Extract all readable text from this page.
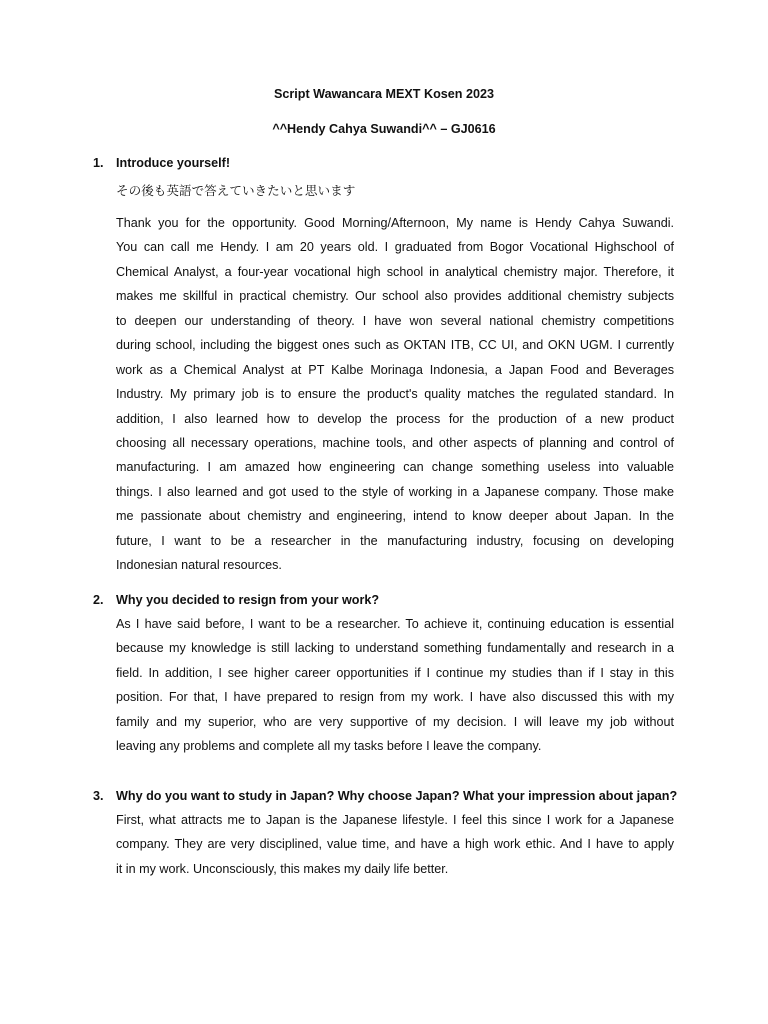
Script Wawancara MEXT Kosen 2023
^^Hendy Cahya Suwandi^^ – GJ0616
1. Introduce yourself!
その後も英語で答えていきたいと思います
Thank you for the opportunity. Good Morning/Afternoon, My name is Hendy Cahya Suwandi.
You can call me Hendy. I am 20 years old. I graduated from Bogor Vocational Highschool of
Chemical Analyst, a four-year vocational high school in analytical chemistry major. Therefore, it
makes me skillful in practical chemistry. Our school also provides additional chemistry subjects
to deepen our understanding of theory. I have won several national chemistry competitions
during school, including the biggest ones such as OKTAN ITB, CC UI, and OKN UGM. I currently
work as a Chemical Analyst at PT Kalbe Morinaga Indonesia, a Japan Food and Beverages
Industry. My primary job is to ensure the product's quality matches the regulated standard. In
addition, I also learned how to develop the process for the production of a new product
choosing all necessary operations, machine tools, and other aspects of planning and control of
manufacturing. I am amazed how engineering can change something useless into valuable
things. I also learned and got used to the style of working in a Japanese company. Those make
me passionate about chemistry and engineering, intend to know deeper about Japan. In the
future, I want to be a researcher in the manufacturing industry, focusing on developing
Indonesian natural resources.
2. Why you decided to resign from your work?
As I have said before, I want to be a researcher. To achieve it, continuing education is essential
because my knowledge is still lacking to understand something fundamentally and research in a
field. In addition, I see higher career opportunities if I continue my studies than if I stay in this
position. For that, I have prepared to resign from my work. I have also discussed this with my
family and my superior, who are very supportive of my decision. I will leave my job without
leaving any problems and complete all my tasks before I leave the company.
3. Why do you want to study in Japan? Why choose Japan? What your impression about japan?
First, what attracts me to Japan is the Japanese lifestyle. I feel this since I work for a Japanese
company. They are very disciplined, value time, and have a high work ethic. And I have to apply
it in my work. Unconsciously, this makes my daily life better.
